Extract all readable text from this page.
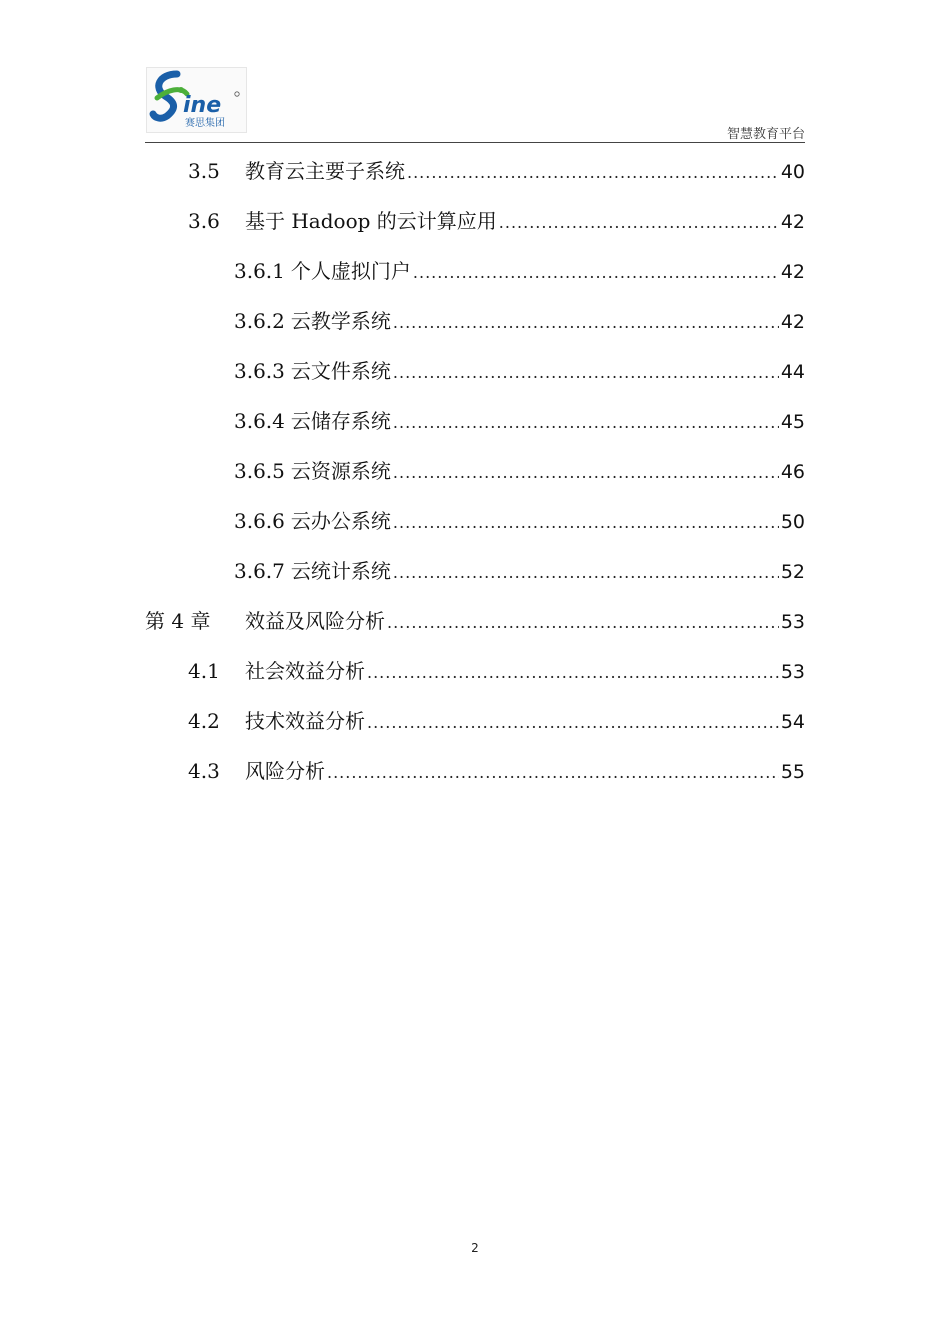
ine
赛思集团
智慧教育平台
3.5	教育云主要子系统 .....	40
3.6	基于 Hadoop 的云计算应用 .....	42
3.6.1 个人虚拟门户 .....	42
3.6.2 云教学系统 .....	42
3.6.3 云文件系统 .....	44
3.6.4 云储存系统 .....	45
3.6.5 云资源系统 .....	46
3.6.6 云办公系统 .....	50
3.6.7 云统计系统 .....	52
第 4 章	效益及风险分析 .....	53
4.1	社会效益分析 .....	53
4.2	技术效益分析 .....	54
4.3	风险分析 .....	55
2
